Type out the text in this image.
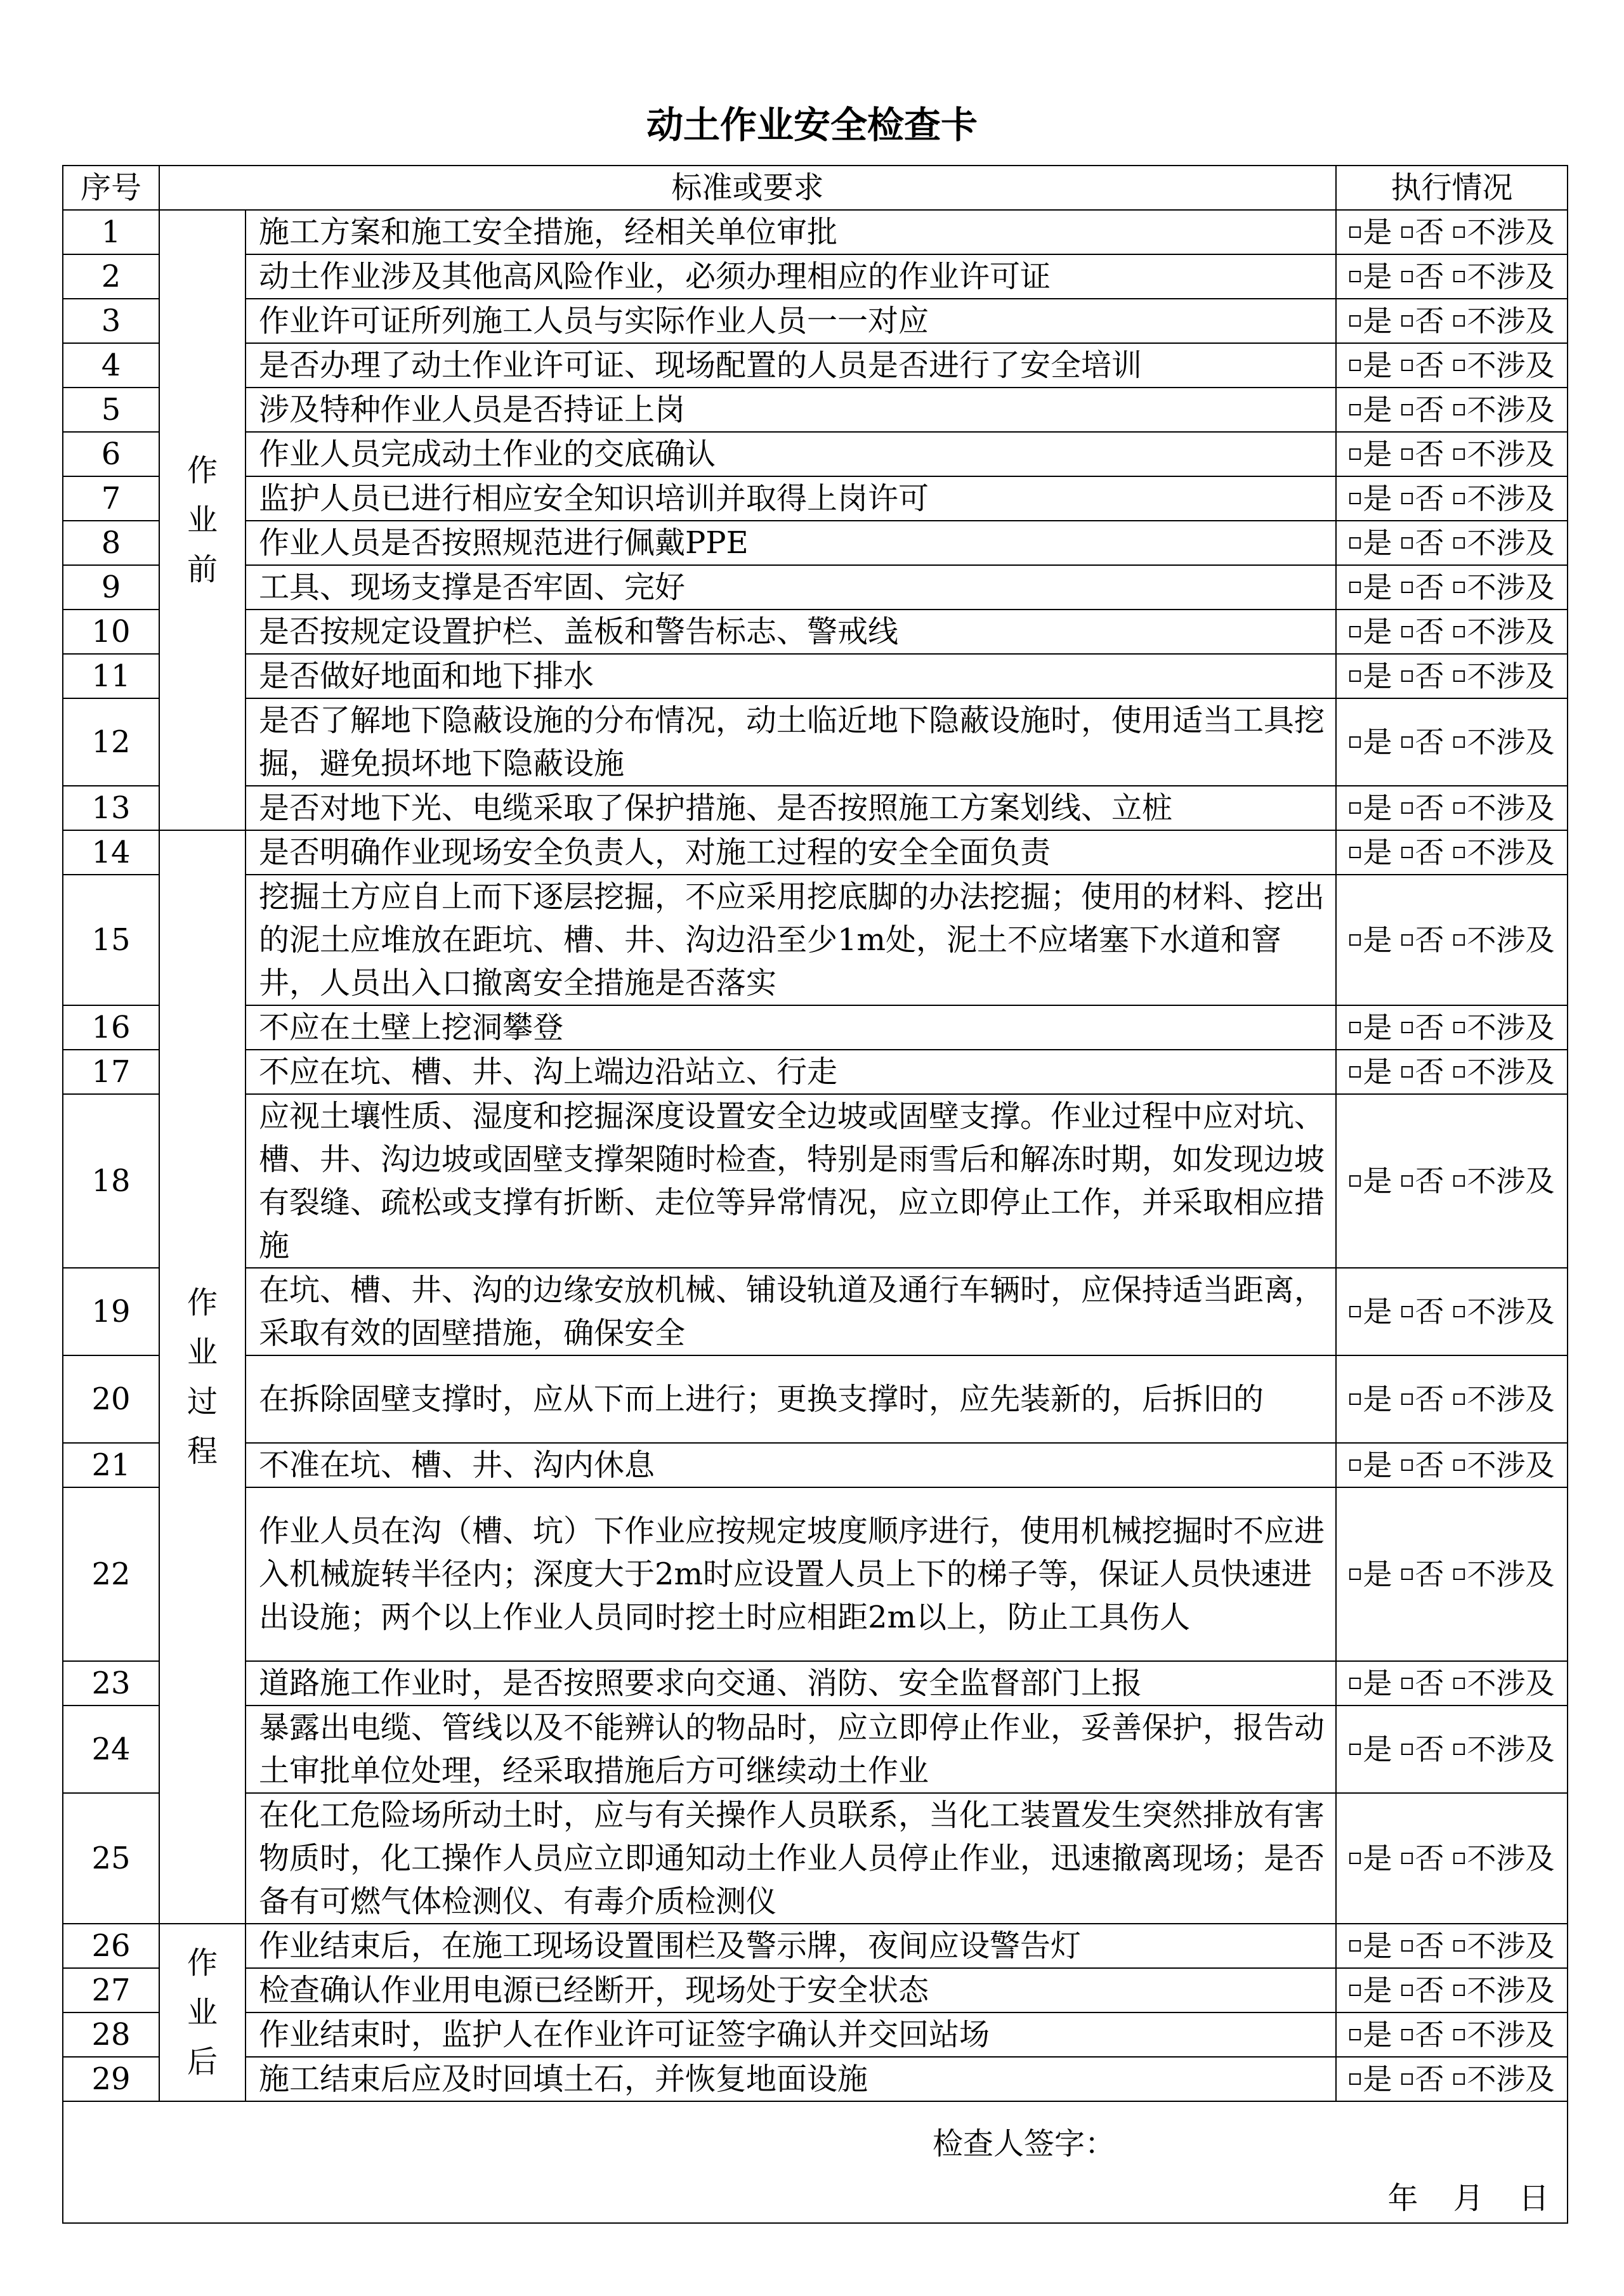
动土作业安全检查卡
序号	标准或要求		执行情况
1	作业前	施工方案和施工安全措施，经相关单位审批	是 否 不涉及
2		动土作业涉及其他高风险作业，必须办理相应的作业许可证	是 否 不涉及
3		作业许可证所列施工人员与实际作业人员一一对应	是 否 不涉及
4		是否办理了动土作业许可证、现场配置的人员是否进行了安全培训	是 否 不涉及
5		涉及特种作业人员是否持证上岗	是 否 不涉及
6		作业人员完成动土作业的交底确认	是 否 不涉及
7		监护人员已进行相应安全知识培训并取得上岗许可	是 否 不涉及
8		作业人员是否按照规范进行佩戴PPE	是 否 不涉及
9		工具、现场支撑是否牢固、完好	是 否 不涉及
10		是否按规定设置护栏、盖板和警告标志、警戒线	是 否 不涉及
11		是否做好地面和地下排水	是 否 不涉及
12		是否了解地下隐蔽设施的分布情况，动土临近地下隐蔽设施时，使用适当工具挖掘，避免损坏地下隐蔽设施	是 否 不涉及
13		是否对地下光、电缆采取了保护措施、是否按照施工方案划线、立桩	是 否 不涉及
14	作业过程	是否明确作业现场安全负责人，对施工过程的安全全面负责	是 否 不涉及
15		挖掘土方应自上而下逐层挖掘，不应采用挖底脚的办法挖掘；使用的材料、挖出的泥土应堆放在距坑、槽、井、沟边沿至少1m处，泥土不应堵塞下水道和窨井，人员出入口撤离安全措施是否落实	是 否 不涉及
16		不应在土壁上挖洞攀登	是 否 不涉及
17		不应在坑、槽、井、沟上端边沿站立、行走	是 否 不涉及
18		应视土壤性质、湿度和挖掘深度设置安全边坡或固壁支撑。作业过程中应对坑、槽、井、沟边坡或固壁支撑架随时检查，特别是雨雪后和解冻时期，如发现边坡有裂缝、疏松或支撑有折断、走位等异常情况，应立即停止工作，并采取相应措施	是 否 不涉及
19		在坑、槽、井、沟的边缘安放机械、铺设轨道及通行车辆时，应保持适当距离，采取有效的固壁措施，确保安全	是 否 不涉及
20		在拆除固壁支撑时，应从下而上进行；更换支撑时，应先装新的，后拆旧的	是 否 不涉及
21		不准在坑、槽、井、沟内休息	是 否 不涉及
22		作业人员在沟（槽、坑）下作业应按规定坡度顺序进行，使用机械挖掘时不应进入机械旋转半径内；深度大于2m时应设置人员上下的梯子等，保证人员快速进出设施；两个以上作业人员同时挖土时应相距2m以上，防止工具伤人	是 否 不涉及
23		道路施工作业时，是否按照要求向交通、消防、安全监督部门上报	是 否 不涉及
24		暴露出电缆、管线以及不能辨认的物品时，应立即停止作业，妥善保护，报告动土审批单位处理，经采取措施后方可继续动土作业	是 否 不涉及
25		在化工危险场所动土时，应与有关操作人员联系，当化工装置发生突然排放有害物质时，化工操作人员应立即通知动土作业人员停止作业，迅速撤离现场；是否备有可燃气体检测仪、有毒介质检测仪	是 否 不涉及
26	作业后	作业结束后，在施工现场设置围栏及警示牌，夜间应设警告灯	是 否 不涉及
27		检查确认作业用电源已经断开，现场处于安全状态	是 否 不涉及
28		作业结束时，监护人在作业许可证签字确认并交回站场	是 否 不涉及
29		施工结束后应及时回填土石，并恢复地面设施	是 否 不涉及

检查人签字：
年 月 日			
